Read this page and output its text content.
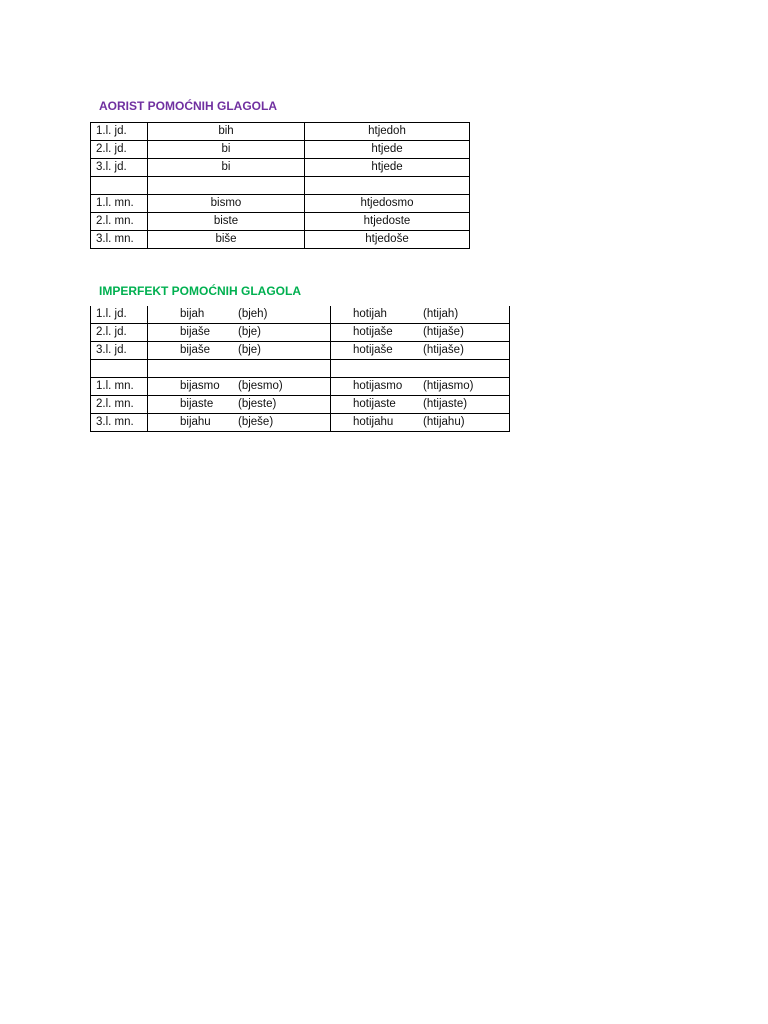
AORIST POMOĆNIH GLAGOLA
1.l. jd.	bih	htjedoh
2.l. jd.	bi	htjede
3.l. jd.	bi	htjede

1.l. mn.	bismo	htjedosmo
2.l. mn.	biste	htjedoste
3.l. mn.	biše	htjedoše
IMPERFEKT POMOĆNIH GLAGOLA
1.l. jd.	bijah (bjeh)	hotijah (htijah)
2.l. jd.	bijaše (bje)	hotijaše (htijaše)
3.l. jd.	bijaše (bje)	hotijaše (htijaše)

1.l. mn.	bijasmo (bjesmo)	hotijasmo (htijasmo)
2.l. mn.	bijaste (bjeste)	hotijaste (htijaste)
3.l. mn.	bijahu (bješe)	hotijahu (htijahu)
